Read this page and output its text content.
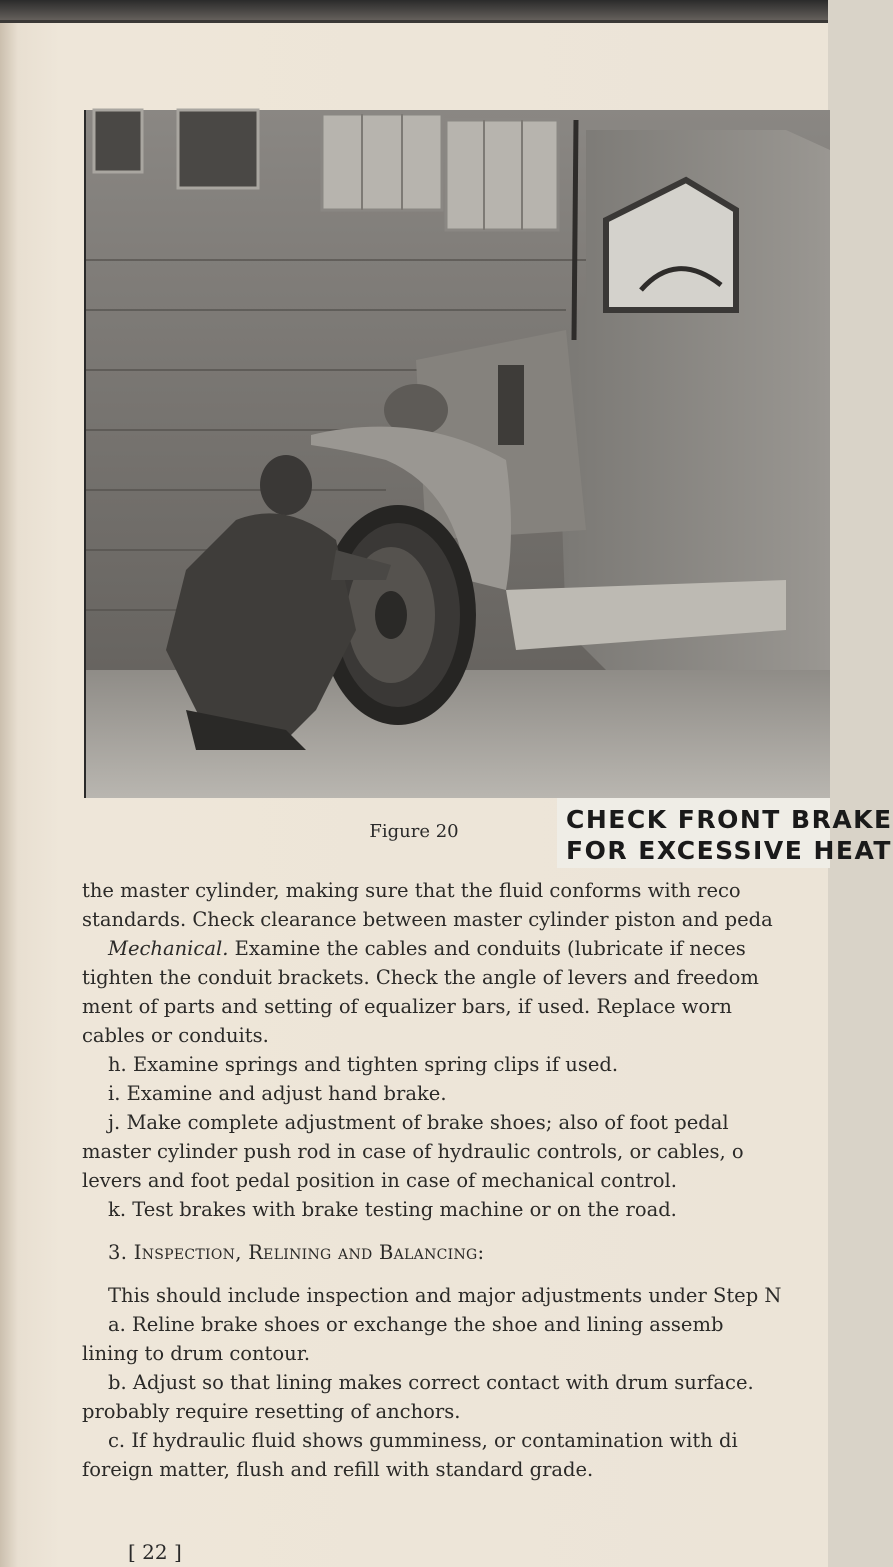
CHECK FRONT BRAKE
FOR EXCESSIVE HEAT
Figure 20
the master cylinder, making sure that the fluid conforms with reco
standards. Check clearance between master cylinder piston and peda
Mechanical. Examine the cables and conduits (lubricate if neces
tighten the conduit brackets. Check the angle of levers and freedom
ment of parts and setting of equalizer bars, if used. Replace worn
cables or conduits.
h. Examine springs and tighten spring clips if used.
i. Examine and adjust hand brake.
j. Make complete adjustment of brake shoes; also of foot pedal
master cylinder push rod in case of hydraulic controls, or cables, o
levers and foot pedal position in case of mechanical control.
k. Test brakes with brake testing machine or on the road.
3. Inspection, Relining and Balancing:
This should include inspection and major adjustments under Step N
a. Reline brake shoes or exchange the shoe and lining assemb
lining to drum contour.
b. Adjust so that lining makes correct contact with drum surface.
probably require resetting of anchors.
c. If hydraulic fluid shows gumminess, or contamination with di
foreign matter, flush and refill with standard grade.
[ 22 ]
